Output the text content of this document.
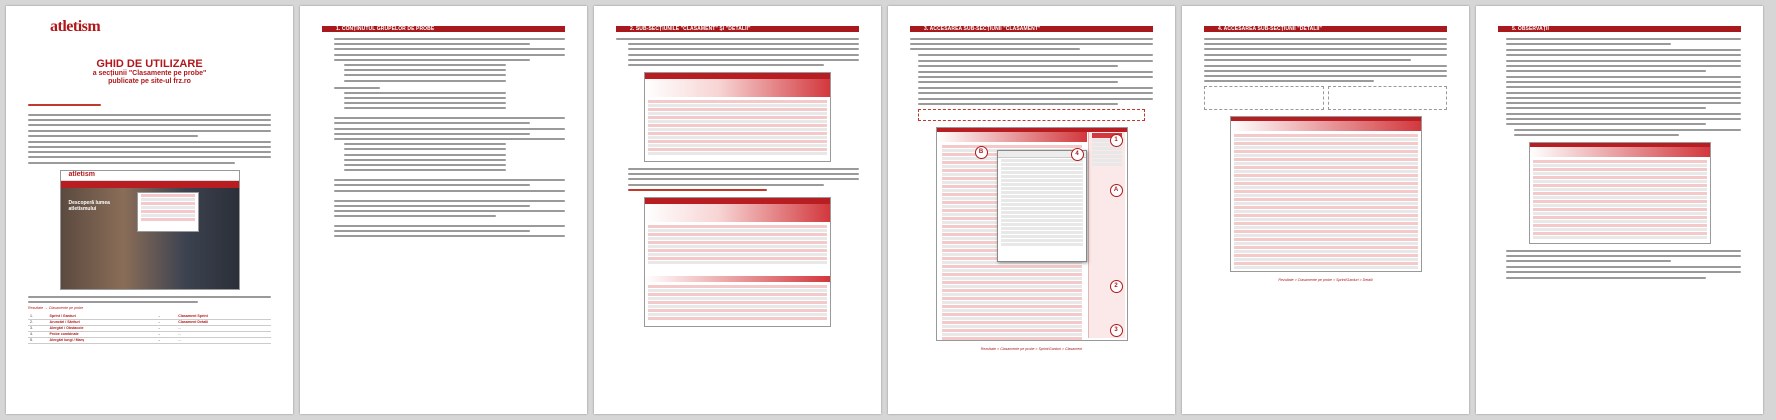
atletism
GHID DE UTILIZARE
a secțiunii "Clasamente pe probe"
publicate pe site-ul frz.ro
atletism
Descoperă lumea atletismului
Rezultate → Clasamente pe probe
1.	Sprint / Garduri	→	Clasament Sprint
2.	Aruncări / Sărituri	→	Clasament Detalii
3.	Alergări / Obstacole	→	...
4.	Probe combinate	→	...
5.	Alergări lungi / Marș	→	...
1. CONȚINUTUL GRUPELOR DE PROBE	2. SUB-SECȚIUNILE "CLASAMENT" ȘI "DETALII"	3. ACCESAREA SUB-SECȚIUNII "CLASAMENT"
1
2
3
4
A
B
Rezultate > Clasamente pe probe > Sprint/Garduri > Clasament
4. ACCESAREA SUB-SECȚIUNII "DETALII"
Rezultate > Clasamente pe probe > Sprint/Garduri > Detalii
5. OBSERVAȚII
